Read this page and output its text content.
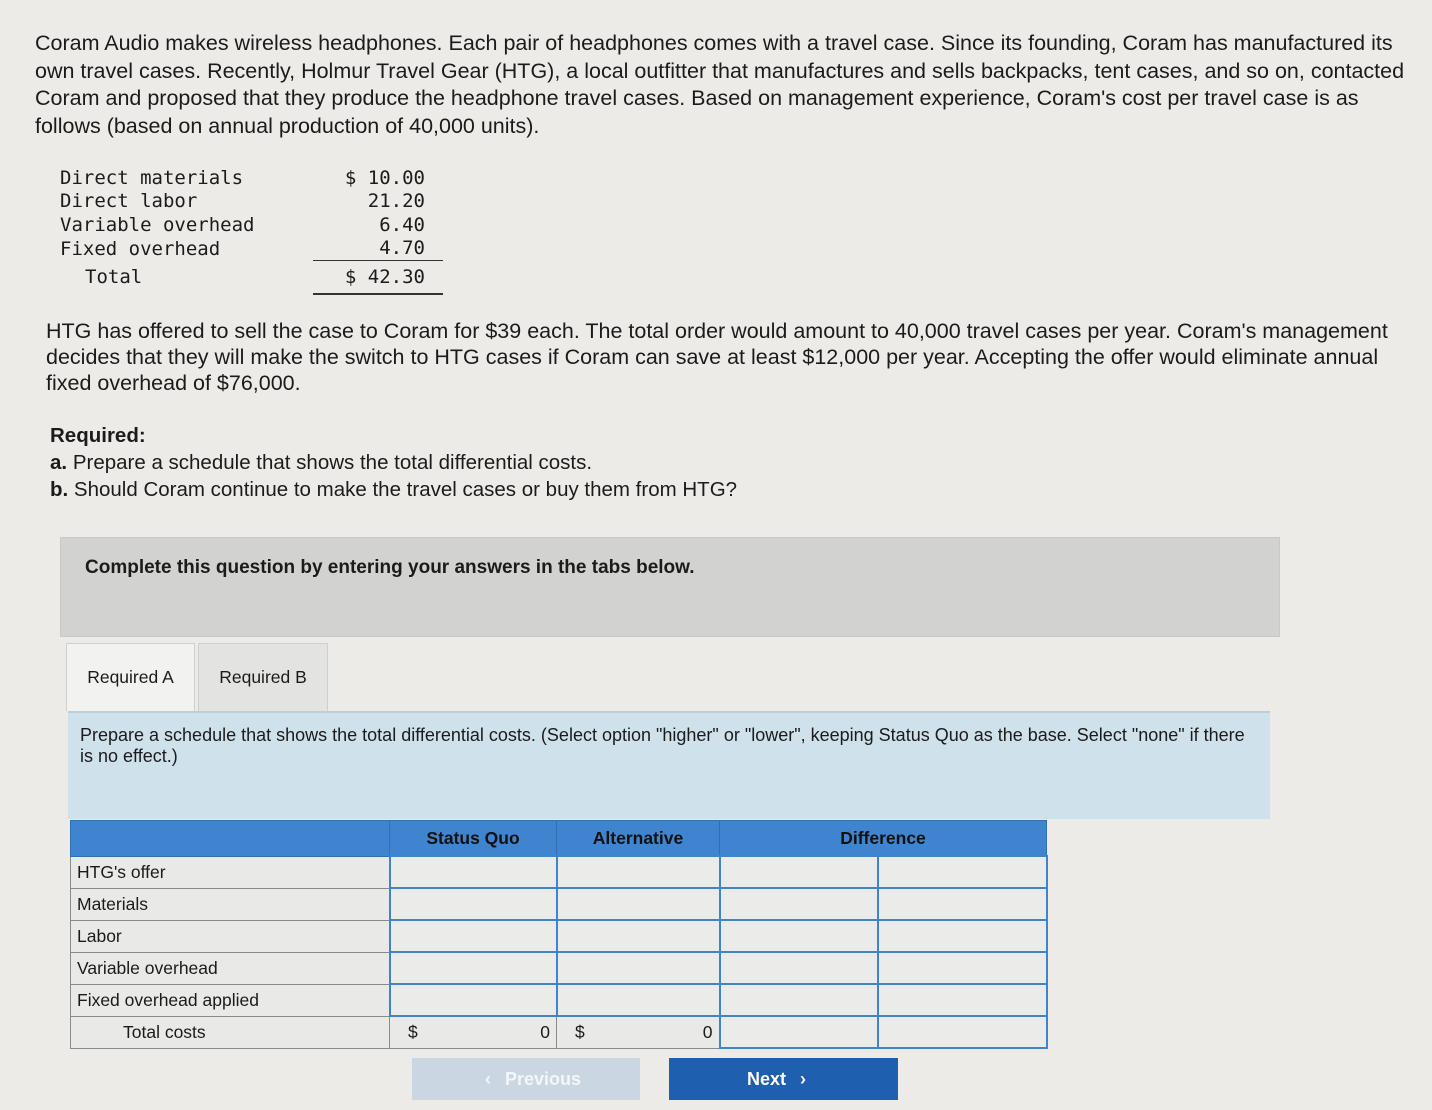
Coram Audio makes wireless headphones. Each pair of headphones comes with a travel case. Since its founding, Coram has manufactured its own travel cases. Recently, Holmur Travel Gear (HTG), a local outfitter that manufactures and sells backpacks, tent cases, and so on, contacted Coram and proposed that they produce the headphone travel cases. Based on management experience, Coram's cost per travel case is as follows (based on annual production of 40,000 units).

Direct materials	$ 10.00
Direct labor	21.20
Variable overhead	6.40
Fixed overhead	4.70
Total	$ 42.30

HTG has offered to sell the case to Coram for $39 each. The total order would amount to 40,000 travel cases per year. Coram's management decides that they will make the switch to HTG cases if Coram can save at least $12,000 per year. Accepting the offer would eliminate annual fixed overhead of $76,000.

Required:
a. Prepare a schedule that shows the total differential costs.
b. Should Coram continue to make the travel cases or buy them from HTG?
Complete this question by entering your answers in the tabs below.
Required A	Required B
Prepare a schedule that shows the total differential costs. (Select option "higher" or "lower", keeping Status Quo as the base. Select "none" if there is no effect.)
	Status Quo	Alternative	Difference	
HTG's offer				
Materials				
Labor				
Variable overhead				
Fixed overhead applied				
Total costs	$ 0	$ 0		

‹ Previous	Next ›
